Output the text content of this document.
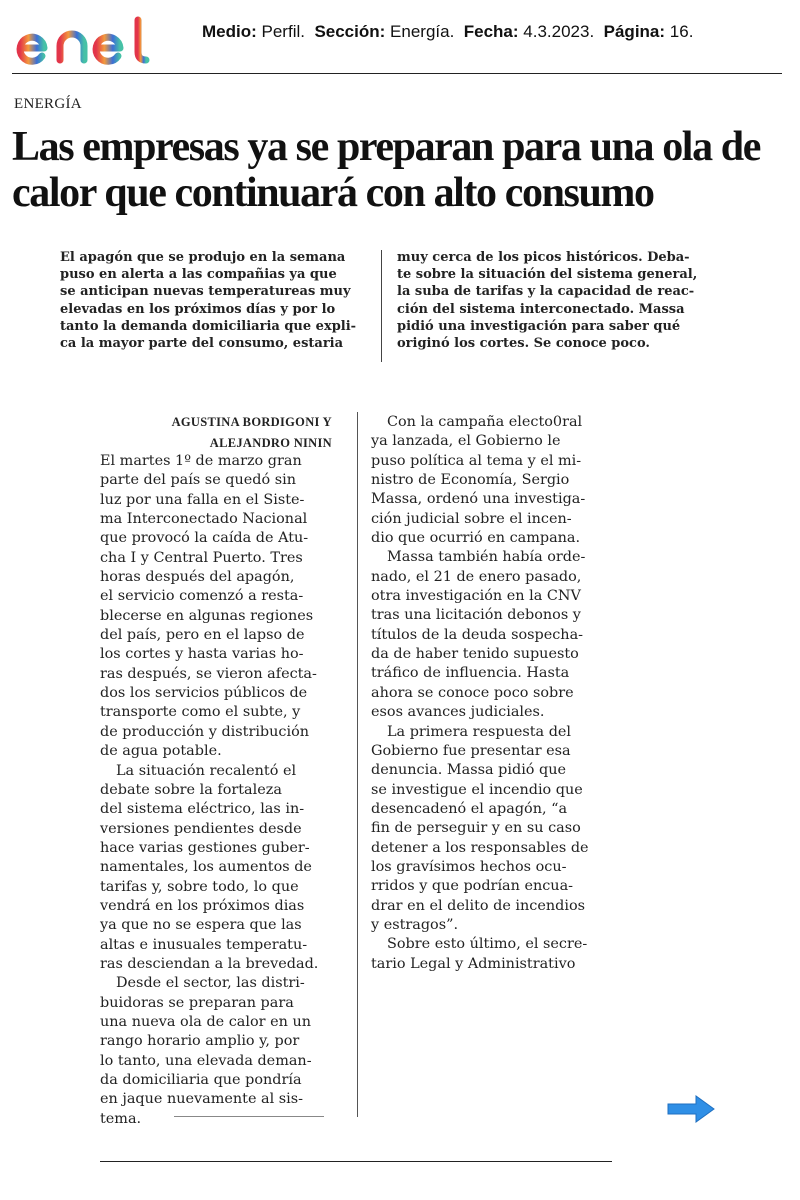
Medio: Perfil. Sección: Energía. Fecha: 4.3.2023. Página: 16.
ENERGÍA
Las empresas ya se preparan para una ola de calor que continuará con alto consumo
El apagón que se produjo en la semana
puso en alerta a las compañias ya que
se anticipan nuevas temperatureas muy
elevadas en los próximos días y por lo
tanto la demanda domiciliaria que expli-
ca la mayor parte del consumo, estaria
muy cerca de los picos históricos. Deba-
te sobre la situación del sistema general,
la suba de tarifas y la capacidad de reac-
ción del sistema interconectado. Massa
pidió una investigación para saber qué
originó los cortes. Se conoce poco.
AGUSTINA BORDIGONI Y
ALEJANDRO NININ
El martes 1º de marzo gran
parte del país se quedó sin
luz por una falla en el Siste-
ma Interconectado Nacional
que provocó la caída de Atu-
cha I y Central Puerto. Tres
horas después del apagón,
el servicio comenzó a resta-
blecerse en algunas regiones
del país, pero en el lapso de
los cortes y hasta varias ho-
ras después, se vieron afecta-
dos los servicios públicos de
transporte como el subte, y
de producción y distribución
de agua potable.
La situación recalentó el
debate sobre la fortaleza
del sistema eléctrico, las in-
versiones pendientes desde
hace varias gestiones guber-
namentales, los aumentos de
tarifas y, sobre todo, lo que
vendrá en los próximos dias
ya que no se espera que las
altas e inusuales temperatu-
ras desciendan a la brevedad.
Desde el sector, las distri-
buidoras se preparan para
una nueva ola de calor en un
rango horario amplio y, por
lo tanto, una elevada deman-
da domiciliaria que pondría
en jaque nuevamente al sis-
tema.
Con la campaña electo0ral
ya lanzada, el Gobierno le
puso política al tema y el mi-
nistro de Economía, Sergio
Massa, ordenó una investiga-
ción judicial sobre el incen-
dio que ocurrió en campana.
Massa también había orde-
nado, el 21 de enero pasado,
otra investigación en la CNV
tras una licitación debonos y
títulos de la deuda sospecha-
da de haber tenido supuesto
tráfico de influencia. Hasta
ahora se conoce poco sobre
esos avances judiciales.
La primera respuesta del
Gobierno fue presentar esa
denuncia. Massa pidió que
se investigue el incendio que
desencadenó el apagón, “a
fin de perseguir y en su caso
detener a los responsables de
los gravísimos hechos ocu-
rridos y que podrían encua-
drar en el delito de incendios
y estragos”.
Sobre esto último, el secre-
tario Legal y Administrativo
